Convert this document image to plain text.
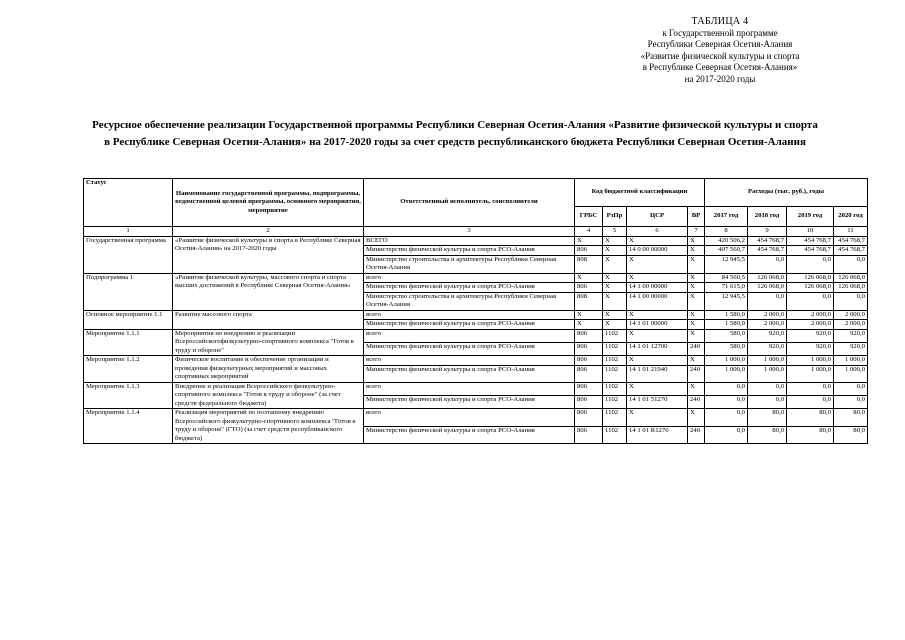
ТАБЛИЦА 4
к Государственной программе
Республики Северная Осетия-Алания
«Развитие физической культуры и спорта
в Республике Северная Осетия-Алания»
на 2017-2020 годы
Ресурсное обеспечение реализации Государственной программы Республики Северная Осетия-Алания «Развитие физической культуры и спорта
в Республике Северная Осетия-Алания» на 2017-2020 годы за счет средств республиканского бюджета Республики Северная Осетия-Алания
Статус	Наименование государственной программы, подпрограммы, ведомственной целевой программы, основного мероприятия, мероприятие	Ответственный исполнитель, соисполнители	Код бюджетной классификации				Расходы (тыс. руб.), годы			
			ГРБС	РзПр	ЦСР	ВР	2017 год	2018 год	2019 год	2020 год
1	2	3	4	5	6	7	8	9	10	11
Государственная программа	«Развитие физической культуры и спорта в Республике Северная Осетия-Алания» на 2017-2020 годы	ВСЕГО	X	X	X	X	420 506,2	454 768,7	454 768,7	454 768,7
		Министерство физической культуры и спорта РСО-Алания	806	X	14 0 00 00000	X	407 560,7	454 768,7	454 768,7	454 768,7
		Министерство строительства и архитектуры Республики Северная Осетия-Алания	808	X	X	X	12 945,5	0,0	0,0	0,0
Подпрограмма 1	«Развитие физической культуры, массового спорта и спорта высших достижений в Республике Северная Осетия-Алания»	всего	X	X	X	X	84 560,5	126 068,0	126 068,0	126 068,0
		Министерство физической культуры и спорта РСО-Алания	806	X	14 1 00 00000	X	71 615,0	126 068,0	126 068,0	126 068,0
		Министерство строительства и архитектуры Республики Северная Осетия-Алания	808	X	14 1 00 00000	X	12 945,5	0,0	0,0	0,0
Основное мероприятие 1.1	Развитие массового спорта	всего	X	X	X	X	1 580,0	2 000,0	2 000,0	2 000,0
		Министерство физической культуры и спорта РСО-Алания	X	X	14 1 01 00000	X	1 580,0	2 000,0	2 000,0	2 000,0
Мероприятие 1.1.1	Мероприятия по внедрению и реализации Всероссийскогофизкультурно-спортивного комплекса "Готов к труду и обороне"	всего	806	1102	X	X	580,0	920,0	920,0	920,0
		Министерство физической культуры и спорта РСО-Алания	806	1102	14 1 01 12700	240	580,0	920,0	920,0	920,0
Мероприятие 1.1.2	Физическое воспитание и обеспечение организации и проведения физкультурных мероприятий и массовых спортивных мероприятий	всего	806	1102	X	X	1 000,0	1 000,0	1 000,0	1 000,0

		Министерство физической культуры и спорта РСО-Алания	806	1102	14 1 01 21940	240	1 000,0	1 000,0	1 000,0	1 000,0
Мероприятие 1.1.3	Внедрение и реализация Всероссийского физкультурно-спортивного комплекса "Готов к труду и обороне" (за счет средств федерального бюджета)	всего	806	1102	X	X	0,0	0,0	0,0	0,0
		Министерство физической культуры и спорта РСО-Алания	806	1102	14 1 01 51270	240	0,0	0,0	0,0	0,0
Мероприятие 1.1.4	Реализация мероприятий по поэтапному внедрению Всероссийского физкультурно-спортивного комплекса "Готов к труду и обороне" (ГТО) (за счет средств республиканского бюджета)	всего	806	1102	X	X	0,0	80,0	80,0	80,0
		Министерство физической культуры и спорта РСО-Алания	806	1102	14 1 01 R1270	240	0,0	80,0	80,0	80,0
